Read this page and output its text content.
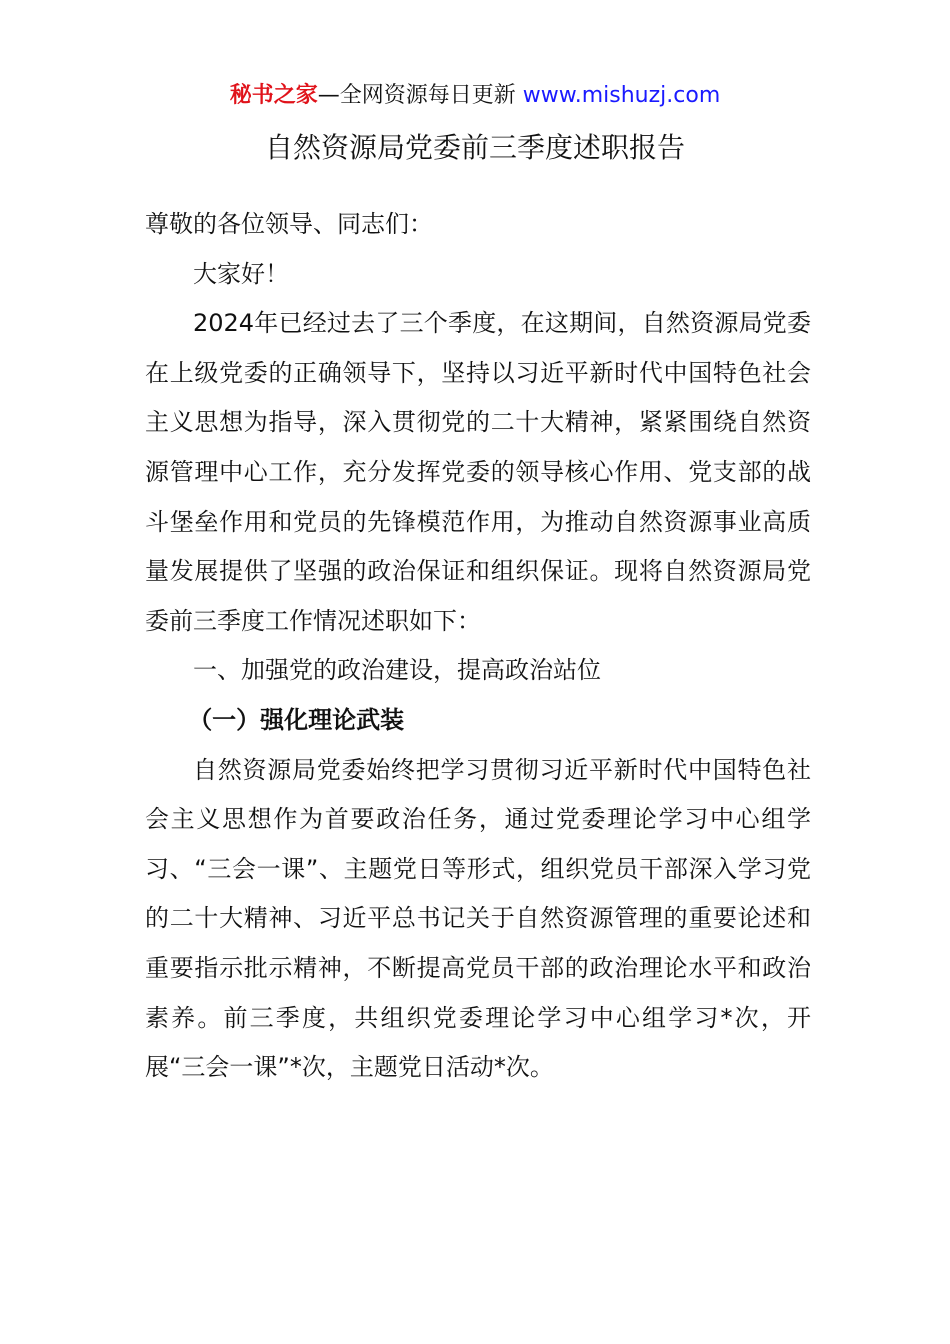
秘书之家—全网资源每日更新 www.mishuzj.com
自然资源局党委前三季度述职报告

尊敬的各位领导、同志们：

大家好！

2024年已经过去了三个季度，在这期间，自然资源局党委在上级党委的正确领导下，坚持以习近平新时代中国特色社会主义思想为指导，深入贯彻党的二十大精神，紧紧围绕自然资源管理中心工作，充分发挥党委的领导核心作用、党支部的战斗堡垒作用和党员的先锋模范作用，为推动自然资源事业高质量发展提供了坚强的政治保证和组织保证。现将自然资源局党委前三季度工作情况述职如下：

一、加强党的政治建设，提高政治站位

（一）强化理论武装

自然资源局党委始终把学习贯彻习近平新时代中国特色社会主义思想作为首要政治任务，通过党委理论学习中心组学习、“三会一课”、主题党日等形式，组织党员干部深入学习党的二十大精神、习近平总书记关于自然资源管理的重要论述和重要指示批示精神，不断提高党员干部的政治理论水平和政治素养。前三季度，共组织党委理论学习中心组学习*次，开展“三会一课”*次，主题党日活动*次。
